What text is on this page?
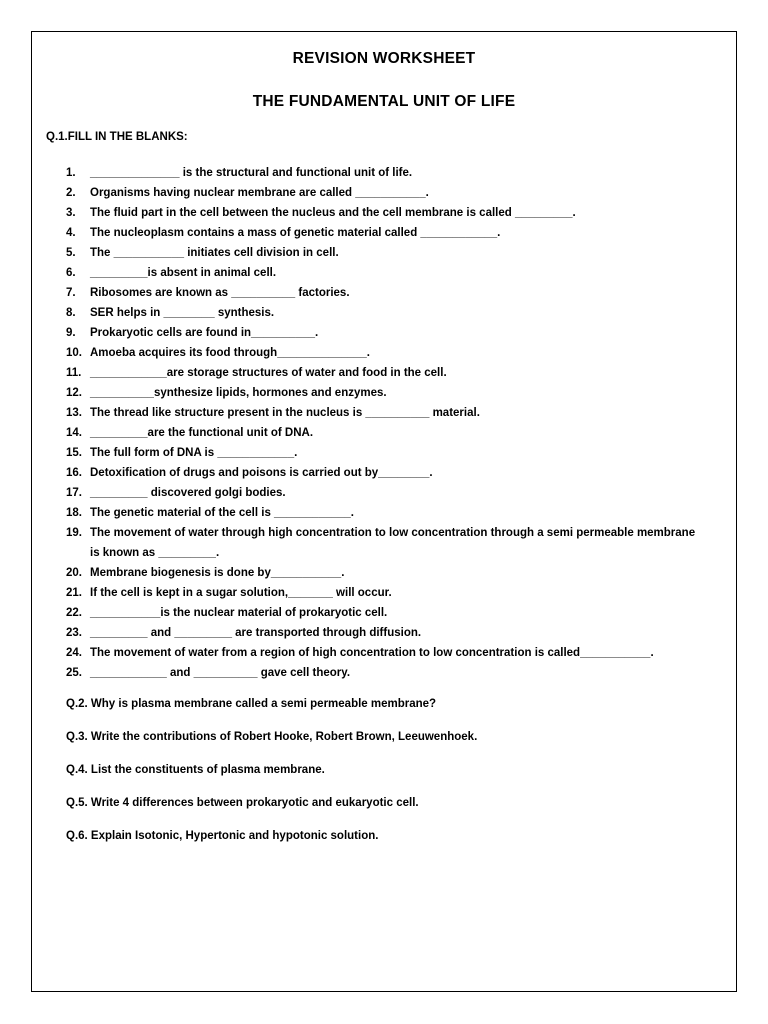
REVISION WORKSHEET
THE FUNDAMENTAL UNIT OF LIFE
Q.1.FILL IN THE BLANKS:
1.	______________ is the structural and functional unit of life.
2.	Organisms having nuclear membrane are called ___________.
3.	The fluid part in the cell between the nucleus and the cell membrane is called _________.
4.	The nucleoplasm contains a mass of genetic material called ____________.
5.	The ___________ initiates cell division in cell.
6.	_________is absent in animal cell.
7.	Ribosomes are known as __________ factories.
8.	SER helps in ________ synthesis.
9.	Prokaryotic cells are found in__________.
10. Amoeba acquires its food through______________.
11. ____________are storage structures of water and food in the cell.
12. __________synthesize lipids, hormones and enzymes.
13. The thread like structure present in the nucleus is __________ material.
14. _________are the functional unit of DNA.
15. The full form of DNA is ____________.
16. Detoxification of drugs and poisons is carried out by________.
17. _________ discovered golgi bodies.
18. The genetic material of the cell is ____________.
19. The movement of water through high concentration to low concentration through a semi permeable membrane is known as _________.
20. Membrane biogenesis is done by___________.
21. If the cell is kept in a sugar solution,_______ will occur.
22. ___________is the nuclear material of prokaryotic cell.
23. _________ and _________ are transported through diffusion.
24. The movement of water from a region of high concentration to low concentration is called___________.
25. ____________ and __________ gave cell theory.
Q.2. Why is plasma membrane called a semi permeable membrane?
Q.3. Write the contributions of Robert Hooke, Robert Brown, Leeuwenhoek.
Q.4. List the constituents of plasma membrane.
Q.5. Write 4 differences between prokaryotic and eukaryotic cell.
Q.6. Explain Isotonic, Hypertonic and hypotonic solution.
